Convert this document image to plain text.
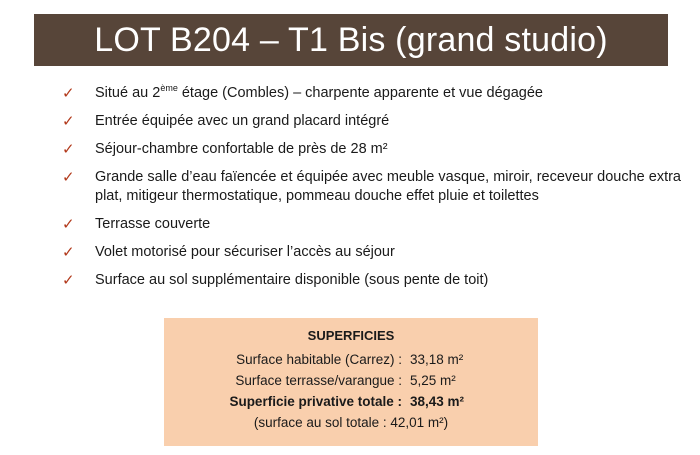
LOT B204 – T1 Bis (grand studio)
✓ Situé au 2ème étage (Combles) – charpente apparente et vue dégagée
✓ Entrée équipée avec un grand placard intégré
✓ Séjour-chambre confortable de près de 28 m²
✓ Grande salle d’eau faïencée et équipée avec meuble vasque, miroir, receveur douche extra plat, mitigeur thermostatique, pommeau douche effet pluie et toilettes
✓ Terrasse couverte
✓ Volet motorisé pour sécuriser l’accès au séjour
✓ Surface au sol supplémentaire disponible (sous pente de toit)
SUPERFICIES
Surface habitable (Carrez) : 33,18 m²
Surface terrasse/varangue : 5,25 m²
Superficie privative totale : 38,43 m²
(surface au sol totale : 42,01 m²)
